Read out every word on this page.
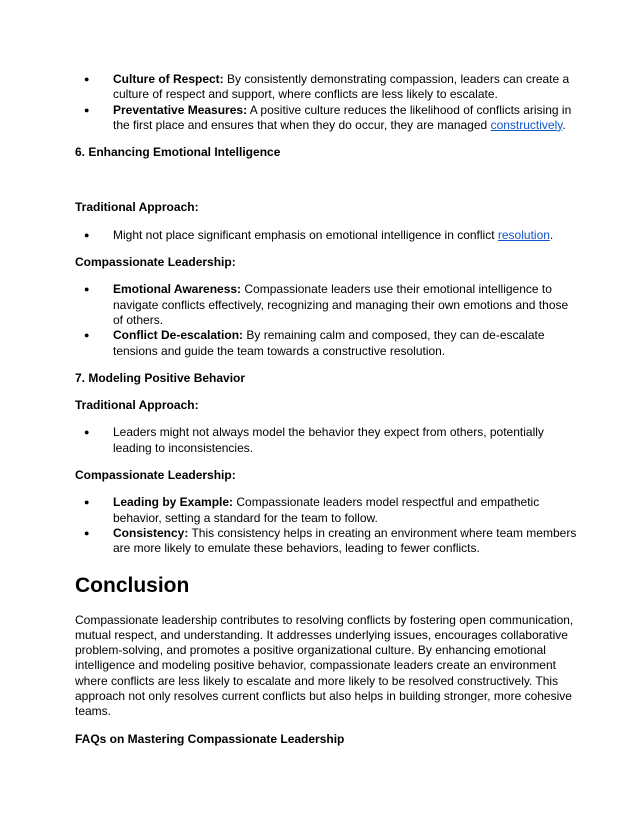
● Culture of Respect: By consistently demonstrating compassion, leaders can create a culture of respect and support, where conflicts are less likely to escalate.
● Preventative Measures: A positive culture reduces the likelihood of conflicts arising in the first place and ensures that when they do occur, they are managed constructively.

6. Enhancing Emotional Intelligence

Traditional Approach:

● Might not place significant emphasis on emotional intelligence in conflict resolution.

Compassionate Leadership:

● Emotional Awareness: Compassionate leaders use their emotional intelligence to navigate conflicts effectively, recognizing and managing their own emotions and those of others.
● Conflict De-escalation: By remaining calm and composed, they can de-escalate tensions and guide the team towards a constructive resolution.

7. Modeling Positive Behavior

Traditional Approach:

● Leaders might not always model the behavior they expect from others, potentially leading to inconsistencies.

Compassionate Leadership:

● Leading by Example: Compassionate leaders model respectful and empathetic behavior, setting a standard for the team to follow.
● Consistency: This consistency helps in creating an environment where team members are more likely to emulate these behaviors, leading to fewer conflicts.
Conclusion

Compassionate leadership contributes to resolving conflicts by fostering open communication, mutual respect, and understanding. It addresses underlying issues, encourages collaborative problem-solving, and promotes a positive organizational culture. By enhancing emotional intelligence and modeling positive behavior, compassionate leaders create an environment where conflicts are less likely to escalate and more likely to be resolved constructively. This approach not only resolves current conflicts but also helps in building stronger, more cohesive teams.

FAQs on Mastering Compassionate Leadership
